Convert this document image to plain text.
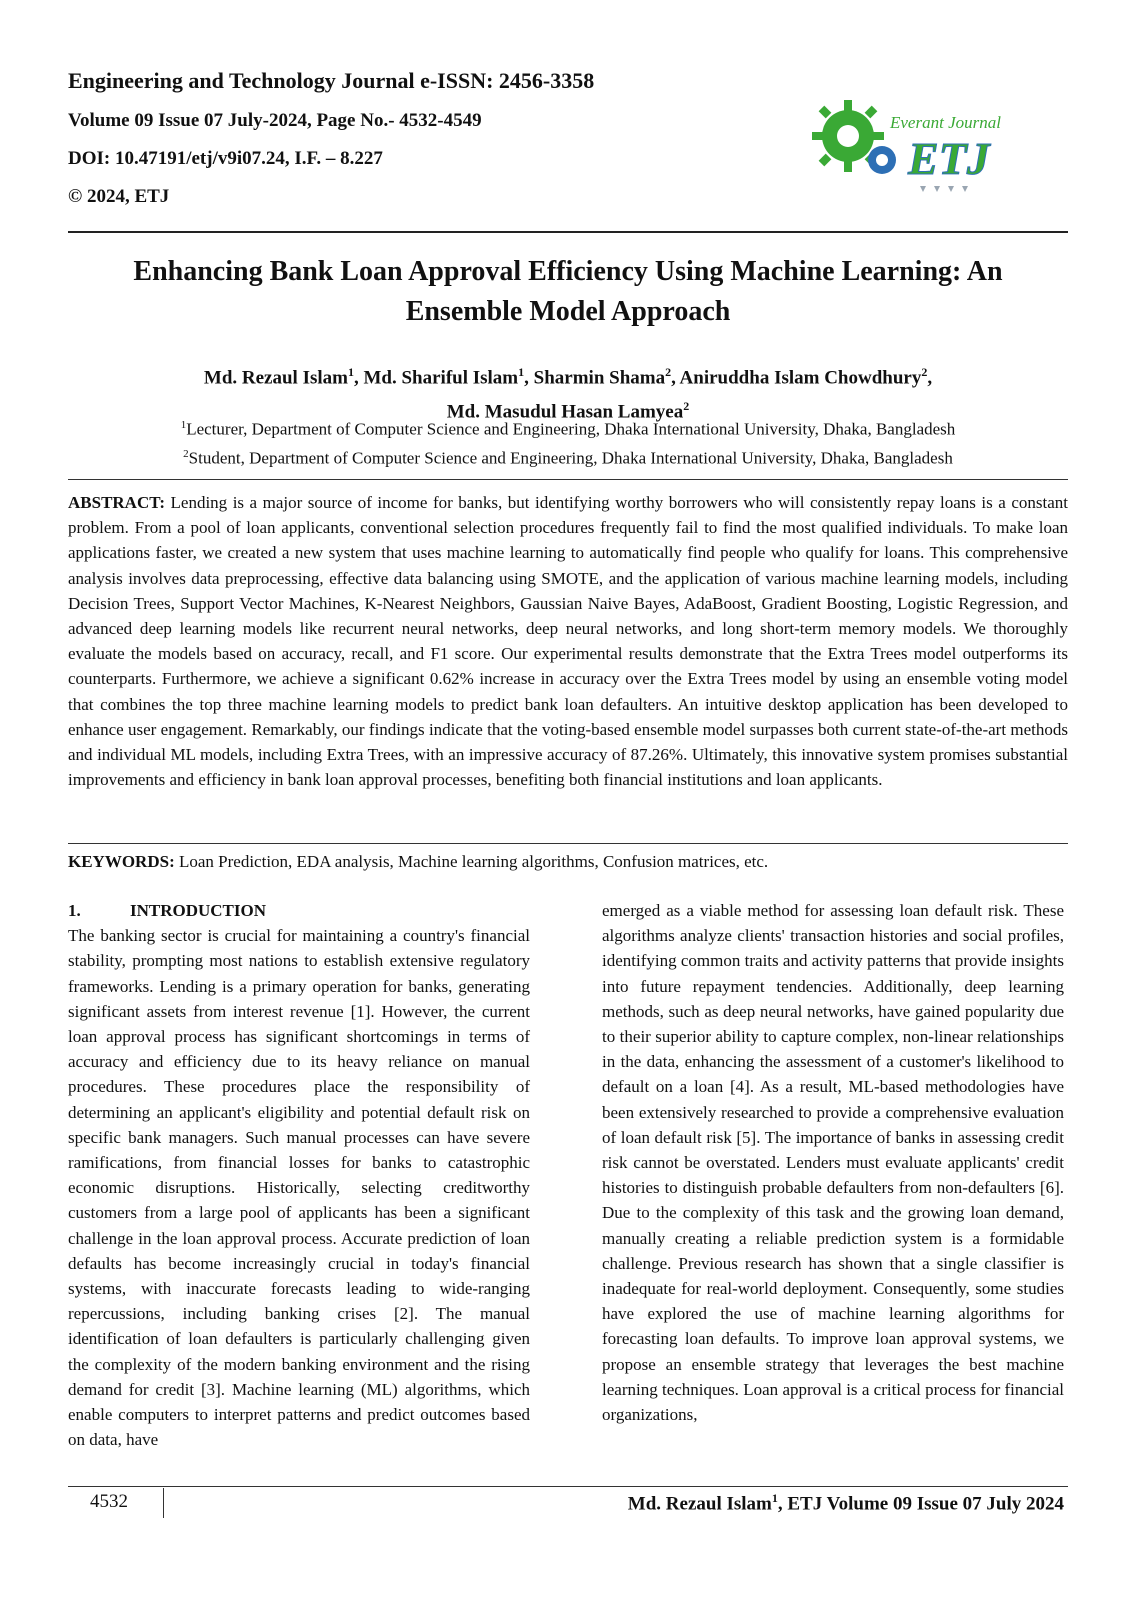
Engineering and Technology Journal e-ISSN: 2456-3358

Volume 09 Issue 07 July-2024, Page No.- 4532-4549

DOI: 10.47191/etj/v9i07.24, I.F. – 8.227

© 2024, ETJ

Everant Journal
ETJ
Enhancing Bank Loan Approval Efficiency Using Machine Learning: An
Ensemble Model Approach
Md. Rezaul Islam$^1$, Md. Shariful Islam$^1$, Sharmin Shama$^2$, Aniruddha Islam Chowdhury$^2$,
Md. Masudul Hasan Lamyea$^2$
$^1$Lecturer, Department of Computer Science and Engineering, Dhaka International University, Dhaka, Bangladesh
$^2$Student, Department of Computer Science and Engineering, Dhaka International University, Dhaka, Bangladesh

ABSTRACT: Lending is a major source of income for banks, but identifying worthy borrowers who will consistently repay loans is a constant problem. From a pool of loan applicants, conventional selection procedures frequently fail to find the most qualified individuals. To make loan applications faster, we created a new system that uses machine learning to automatically find people who qualify for loans. This comprehensive analysis involves data preprocessing, effective data balancing using SMOTE, and the application of various machine learning models, including Decision Trees, Support Vector Machines, K-Nearest Neighbors, Gaussian Naive Bayes, AdaBoost, Gradient Boosting, Logistic Regression, and advanced deep learning models like recurrent neural networks, deep neural networks, and long short-term memory models. We thoroughly evaluate the models based on accuracy, recall, and F1 score. Our experimental results demonstrate that the Extra Trees model outperforms its counterparts. Furthermore, we achieve a significant 0.62% increase in accuracy over the Extra Trees model by using an ensemble voting model that combines the top three machine learning models to predict bank loan defaulters. An intuitive desktop application has been developed to enhance user engagement. Remarkably, our findings indicate that the voting-based ensemble model surpasses both current state-of-the-art methods and individual ML models, including Extra Trees, with an impressive accuracy of 87.26%. Ultimately, this innovative system promises substantial improvements and efficiency in bank loan approval processes, benefiting both financial institutions and loan applicants.

KEYWORDS: Loan Prediction, EDA analysis, Machine learning algorithms, Confusion matrices, etc.

1.	INTRODUCTION

The banking sector is crucial for maintaining a country's financial stability, prompting most nations to establish extensive regulatory frameworks. Lending is a primary operation for banks, generating significant assets from interest revenue [1]. However, the current loan approval process has significant shortcomings in terms of accuracy and efficiency due to its heavy reliance on manual procedures. These procedures place the responsibility of determining an applicant's eligibility and potential default risk on specific bank managers. Such manual processes can have severe ramifications, from financial losses for banks to catastrophic economic disruptions. Historically, selecting creditworthy customers from a large pool of applicants has been a significant challenge in the loan approval process. Accurate prediction of loan defaults has become increasingly crucial in today's financial systems, with inaccurate forecasts leading to wide-ranging repercussions, including banking crises [2]. The manual identification of loan defaulters is particularly challenging given the complexity of the modern banking environment and the rising demand for credit [3]. Machine learning (ML) algorithms, which enable computers to interpret patterns and predict outcomes based on data, have

emerged as a viable method for assessing loan default risk. These algorithms analyze clients' transaction histories and social profiles, identifying common traits and activity patterns that provide insights into future repayment tendencies. Additionally, deep learning methods, such as deep neural networks, have gained popularity due to their superior ability to capture complex, non-linear relationships in the data, enhancing the assessment of a customer's likelihood to default on a loan [4]. As a result, ML-based methodologies have been extensively researched to provide a comprehensive evaluation of loan default risk [5]. The importance of banks in assessing credit risk cannot be overstated. Lenders must evaluate applicants' credit histories to distinguish probable defaulters from non-defaulters [6]. Due to the complexity of this task and the growing loan demand, manually creating a reliable prediction system is a formidable challenge. Previous research has shown that a single classifier is inadequate for real-world deployment. Consequently, some studies have explored the use of machine learning algorithms for forecasting loan defaults. To improve loan approval systems, we propose an ensemble strategy that leverages the best machine learning techniques. Loan approval is a critical process for financial organizations,

4532	Md. Rezaul Islam$^1$, ETJ Volume 09 Issue 07 July 2024
